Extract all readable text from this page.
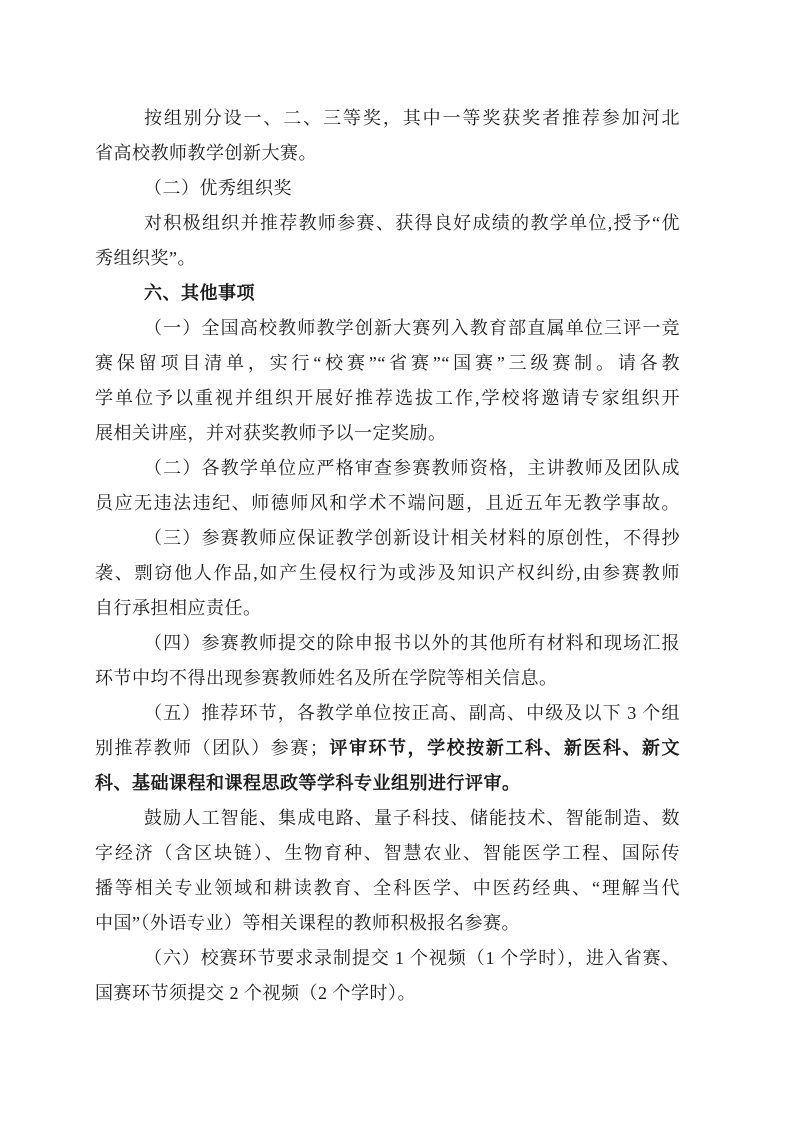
按组别分设一、二、三等奖，其中一等奖获奖者推荐参加河北
省高校教师教学创新大赛。
（二）优秀组织奖
对积极组织并推荐教师参赛、获得良好成绩的教学单位,授予“优
秀组织奖”。
六、其他事项
（一）全国高校教师教学创新大赛列入教育部直属单位三评一竞
赛保留项目清单，实行“校赛”“省赛”“国赛”三级赛制。请各教
学单位予以重视并组织开展好推荐选拔工作,学校将邀请专家组织开
展相关讲座，并对获奖教师予以一定奖励。
（二）各教学单位应严格审查参赛教师资格，主讲教师及团队成
员应无违法违纪、师德师风和学术不端问题，且近五年无教学事故。
（三）参赛教师应保证教学创新设计相关材料的原创性，不得抄
袭、剽窃他人作品,如产生侵权行为或涉及知识产权纠纷,由参赛教师
自行承担相应责任。
（四）参赛教师提交的除申报书以外的其他所有材料和现场汇报
环节中均不得出现参赛教师姓名及所在学院等相关信息。
（五）推荐环节，各教学单位按正高、副高、中级及以下 3 个组
别推荐教师（团队）参赛；评审环节，学校按新工科、新医科、新文
科、基础课程和课程思政等学科专业组别进行评审。
鼓励人工智能、集成电路、量子科技、储能技术、智能制造、数
字经济（含区块链）、生物育种、智慧农业、智能医学工程、国际传
播等相关专业领域和耕读教育、全科医学、中医药经典、“理解当代
中国”（外语专业）等相关课程的教师积极报名参赛。
（六）校赛环节要求录制提交 1 个视频（1 个学时），进入省赛、
国赛环节须提交 2 个视频（2 个学时）。
